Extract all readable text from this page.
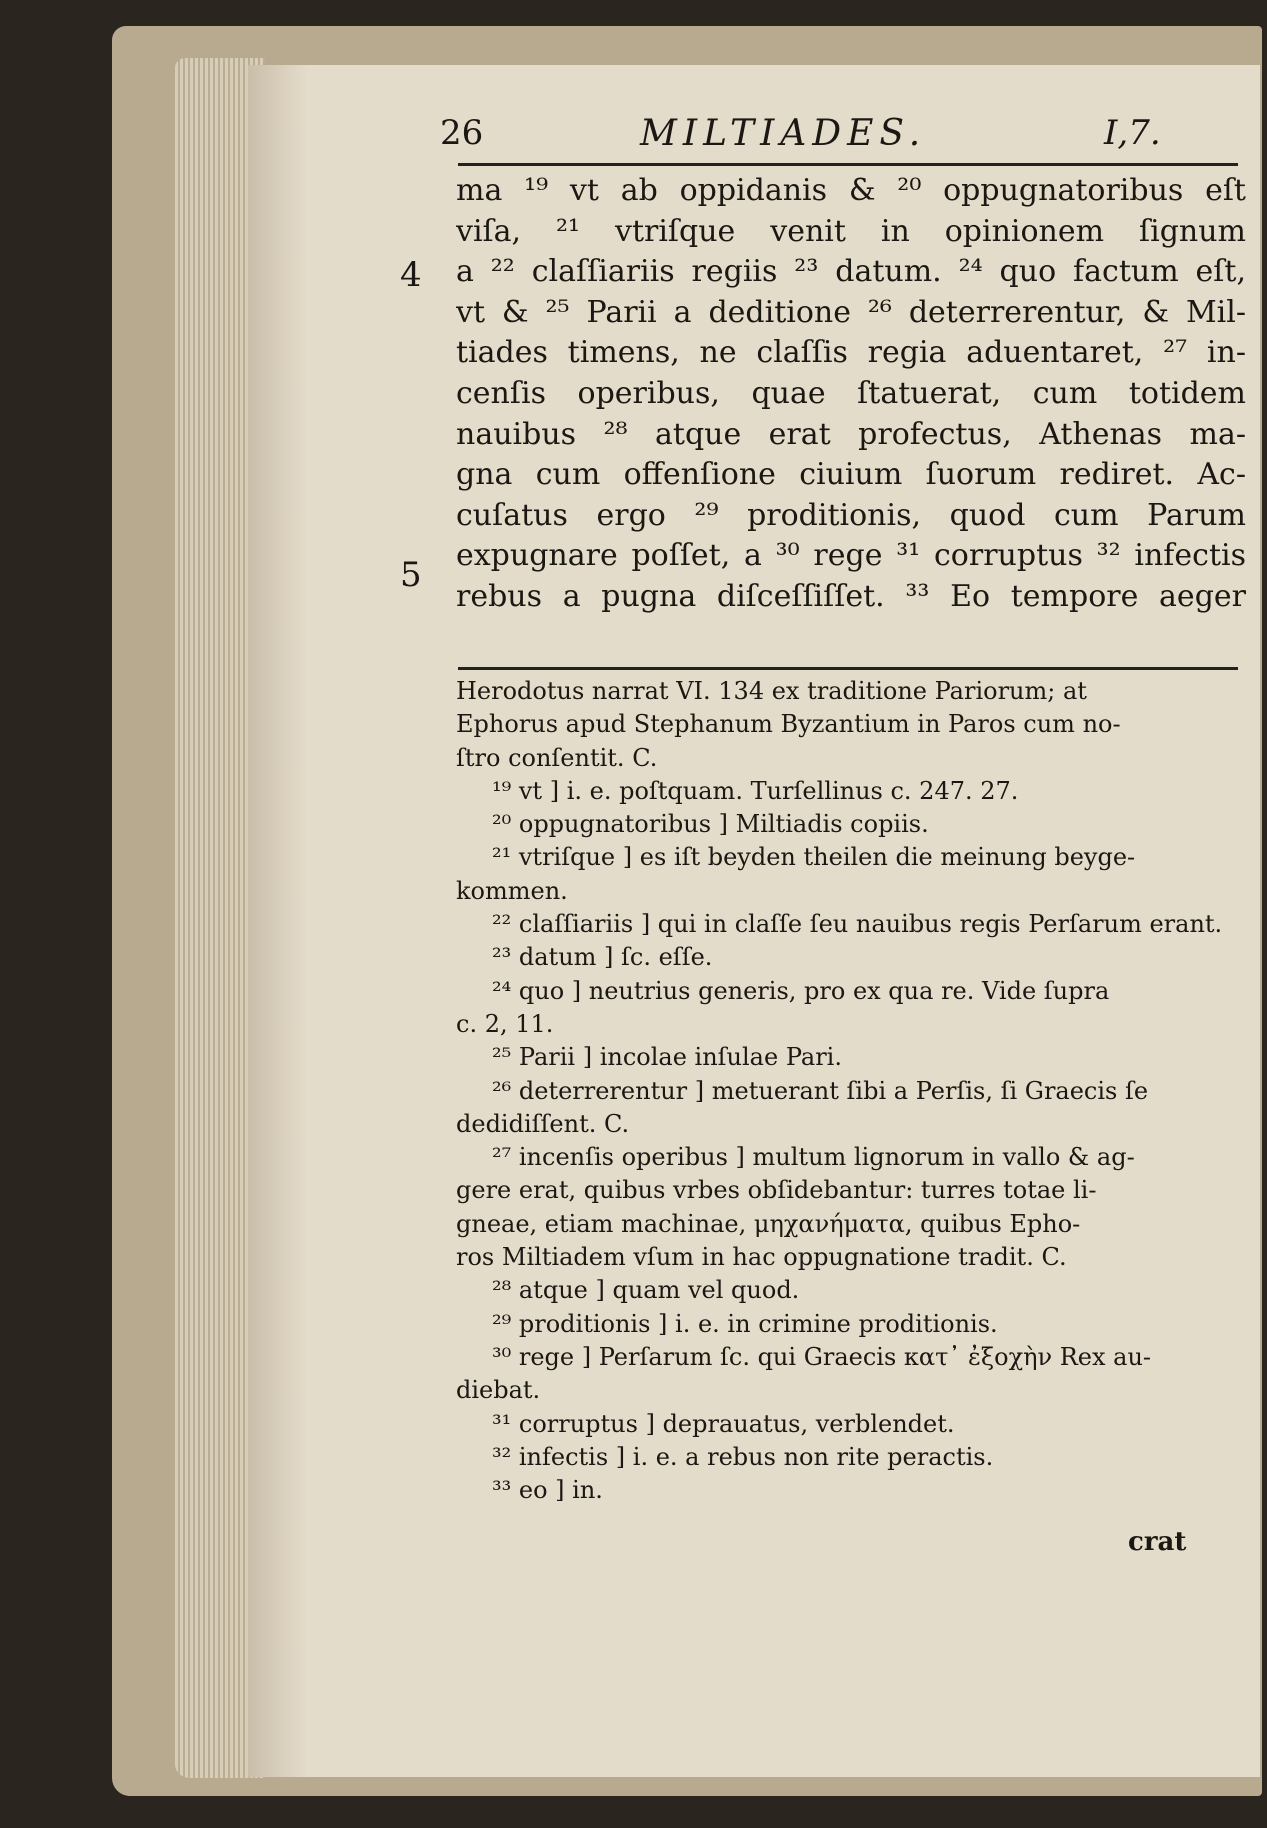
26	MILTIADES.	I,7.
4
5
ma ¹⁹ vt ab oppidanis & ²⁰ oppugnatoribus eſt
viſa, ²¹ vtriſque venit in opinionem ſignum
a ²² claſſiariis regiis ²³ datum. ²⁴ quo factum eſt,
vt & ²⁵ Parii a deditione ²⁶ deterrerentur, & Mil-
tiades timens, ne claſſis regia aduentaret, ²⁷ in-
cenſis operibus, quae ſtatuerat, cum totidem
nauibus ²⁸ atque erat profectus, Athenas ma-
gna cum offenſione ciuium ſuorum rediret. Ac-
cuſatus ergo ²⁹ proditionis, quod cum Parum
expugnare poſſet, a ³⁰ rege ³¹ corruptus ³² infectis
rebus a pugna diſceſſiſſet. ³³ Eo tempore aeger
Herodotus narrat VI. 134 ex traditione Pariorum; at
Ephorus apud Stephanum Byzantium in Paros cum no-
ſtro conſentit. C.
¹⁹ vt ] i. e. poſtquam. Turſellinus c. 247. 27.
²⁰ oppugnatoribus ] Miltiadis copiis.
²¹ vtriſque ] es iſt beyden theilen die meinung beyge-
kommen.
²² claſſiariis ] qui in claſſe ſeu nauibus regis Perſarum erant.
²³ datum ] ſc. eſſe.
²⁴ quo ] neutrius generis, pro ex qua re. Vide ſupra
c. 2, 11.
²⁵ Parii ] incolae inſulae Pari.
²⁶ deterrerentur ] metuerant ſibi a Perſis, ſi Graecis ſe
dedidiſſent. C.
²⁷ incenſis operibus ] multum lignorum in vallo & ag-
gere erat, quibus vrbes obſidebantur: turres totae li-
gneae, etiam machinae, μηχανήματα, quibus Epho-
ros Miltiadem vſum in hac oppugnatione tradit. C.
²⁸ atque ] quam vel quod.
²⁹ proditionis ] i. e. in crimine proditionis.
³⁰ rege ] Perſarum ſc. qui Graecis κατ᾽ ἐξοχὴν Rex au-
diebat.
³¹ corruptus ] deprauatus, verblendet.
³² infectis ] i. e. a rebus non rite peractis.
³³ eo ] in.
crat
